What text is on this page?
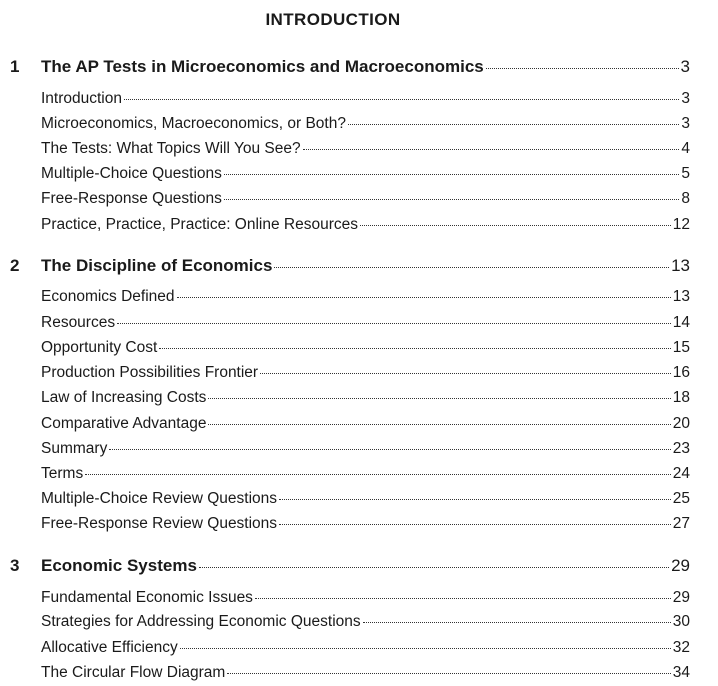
INTRODUCTION
1	The AP Tests in Microeconomics and Macroeconomics	3
Introduction	3
Microeconomics, Macroeconomics, or Both?	3
The Tests: What Topics Will You See?	4
Multiple-Choice Questions	5
Free-Response Questions	8
Practice, Practice, Practice: Online Resources	12
2	The Discipline of Economics	13
Economics Defined	13
Resources	14
Opportunity Cost	15
Production Possibilities Frontier	16
Law of Increasing Costs	18
Comparative Advantage	20
Summary	23
Terms	24
Multiple-Choice Review Questions	25
Free-Response Review Questions	27
3	Economic Systems	29
Fundamental Economic Issues	29
Strategies for Addressing Economic Questions	30
Allocative Efficiency	32
The Circular Flow Diagram	34
